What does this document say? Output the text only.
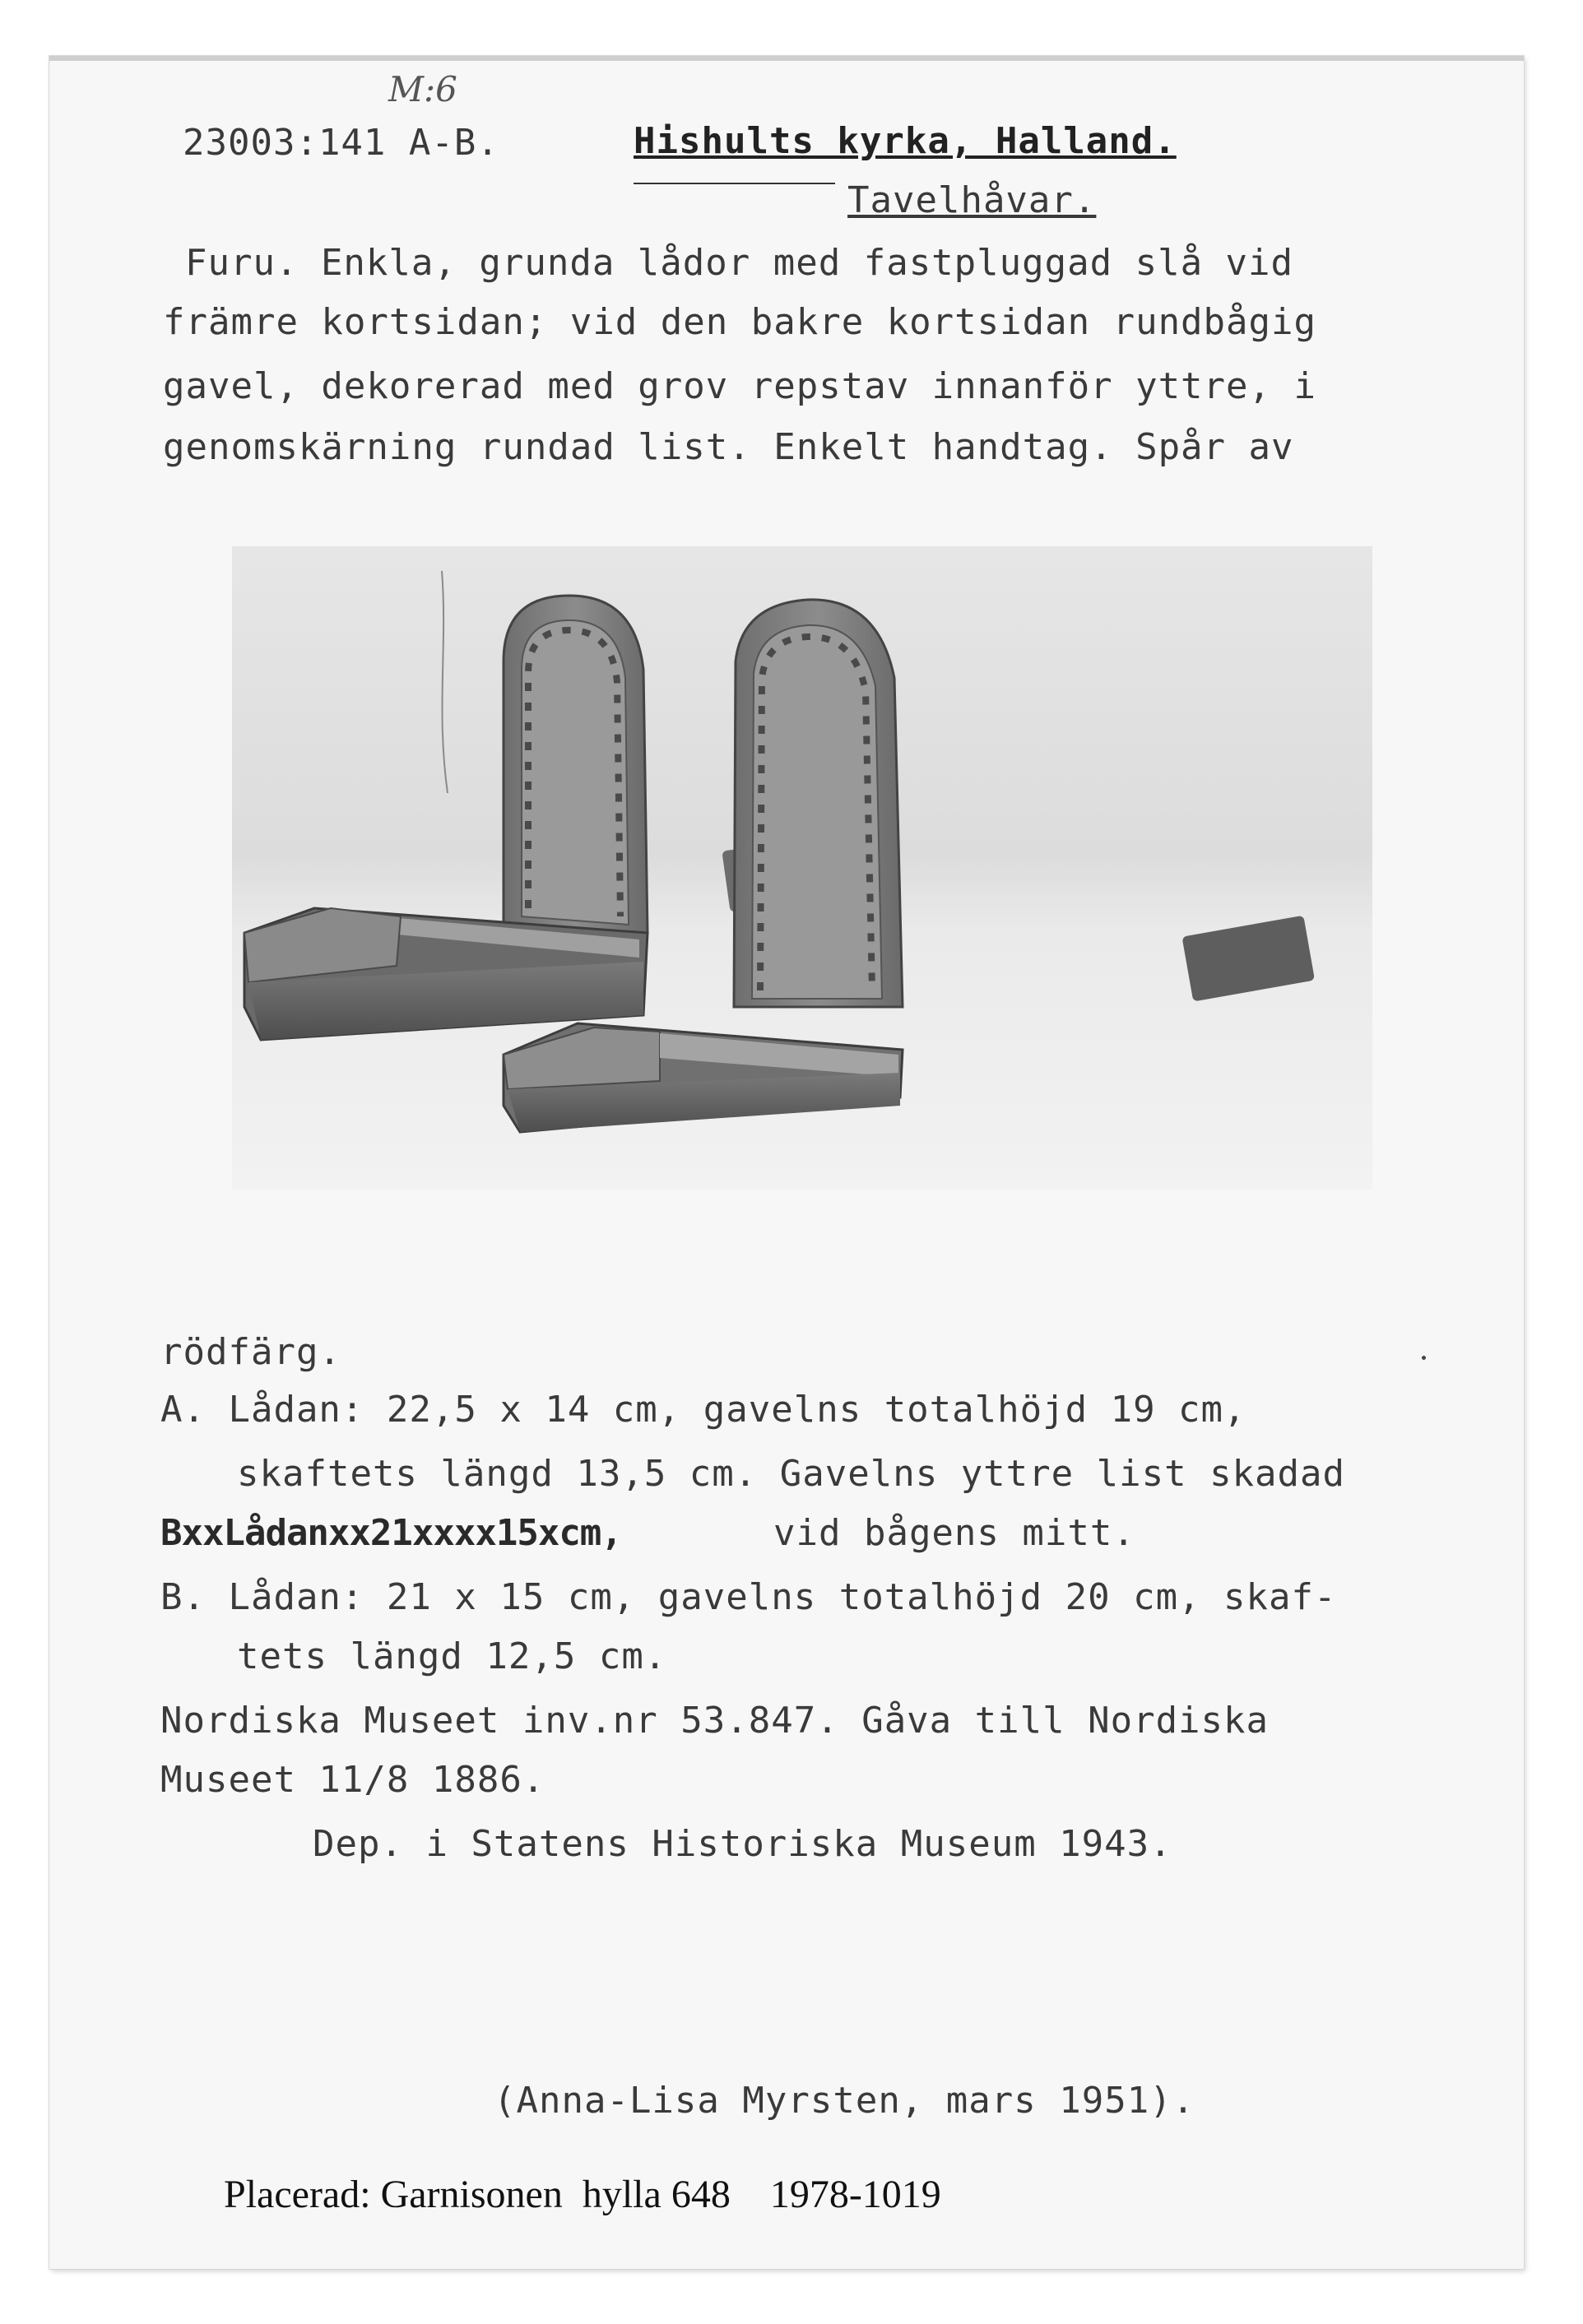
M:6
23003:141 A-B.	Hishults kyrka, Halland.
Tavelhåvar.
Furu. Enkla, grunda lådor med fastpluggad slå vid
främre kortsidan; vid den bakre kortsidan rundbågig
gavel, dekorerad med grov repstav innanför yttre, i
genomskärning rundad list. Enkelt handtag. Spår av
rödfärg.
A. Lådan: 22,5 x 14 cm, gavelns totalhöjd 19 cm,
skaftets längd 13,5 cm. Gavelns yttre list skadad
BxxLådanxx21xxxx15xcm,	vid bågens mitt.
B. Lådan: 21 x 15 cm, gavelns totalhöjd 20 cm, skaf-
tets längd 12,5 cm.
Nordiska Museet inv.nr 53.847. Gåva till Nordiska
Museet 11/8 1886.
Dep. i Statens Historiska Museum 1943.
(Anna-Lisa Myrsten, mars 1951).
Placerad: Garnisonen  hylla 648    1978-1019
